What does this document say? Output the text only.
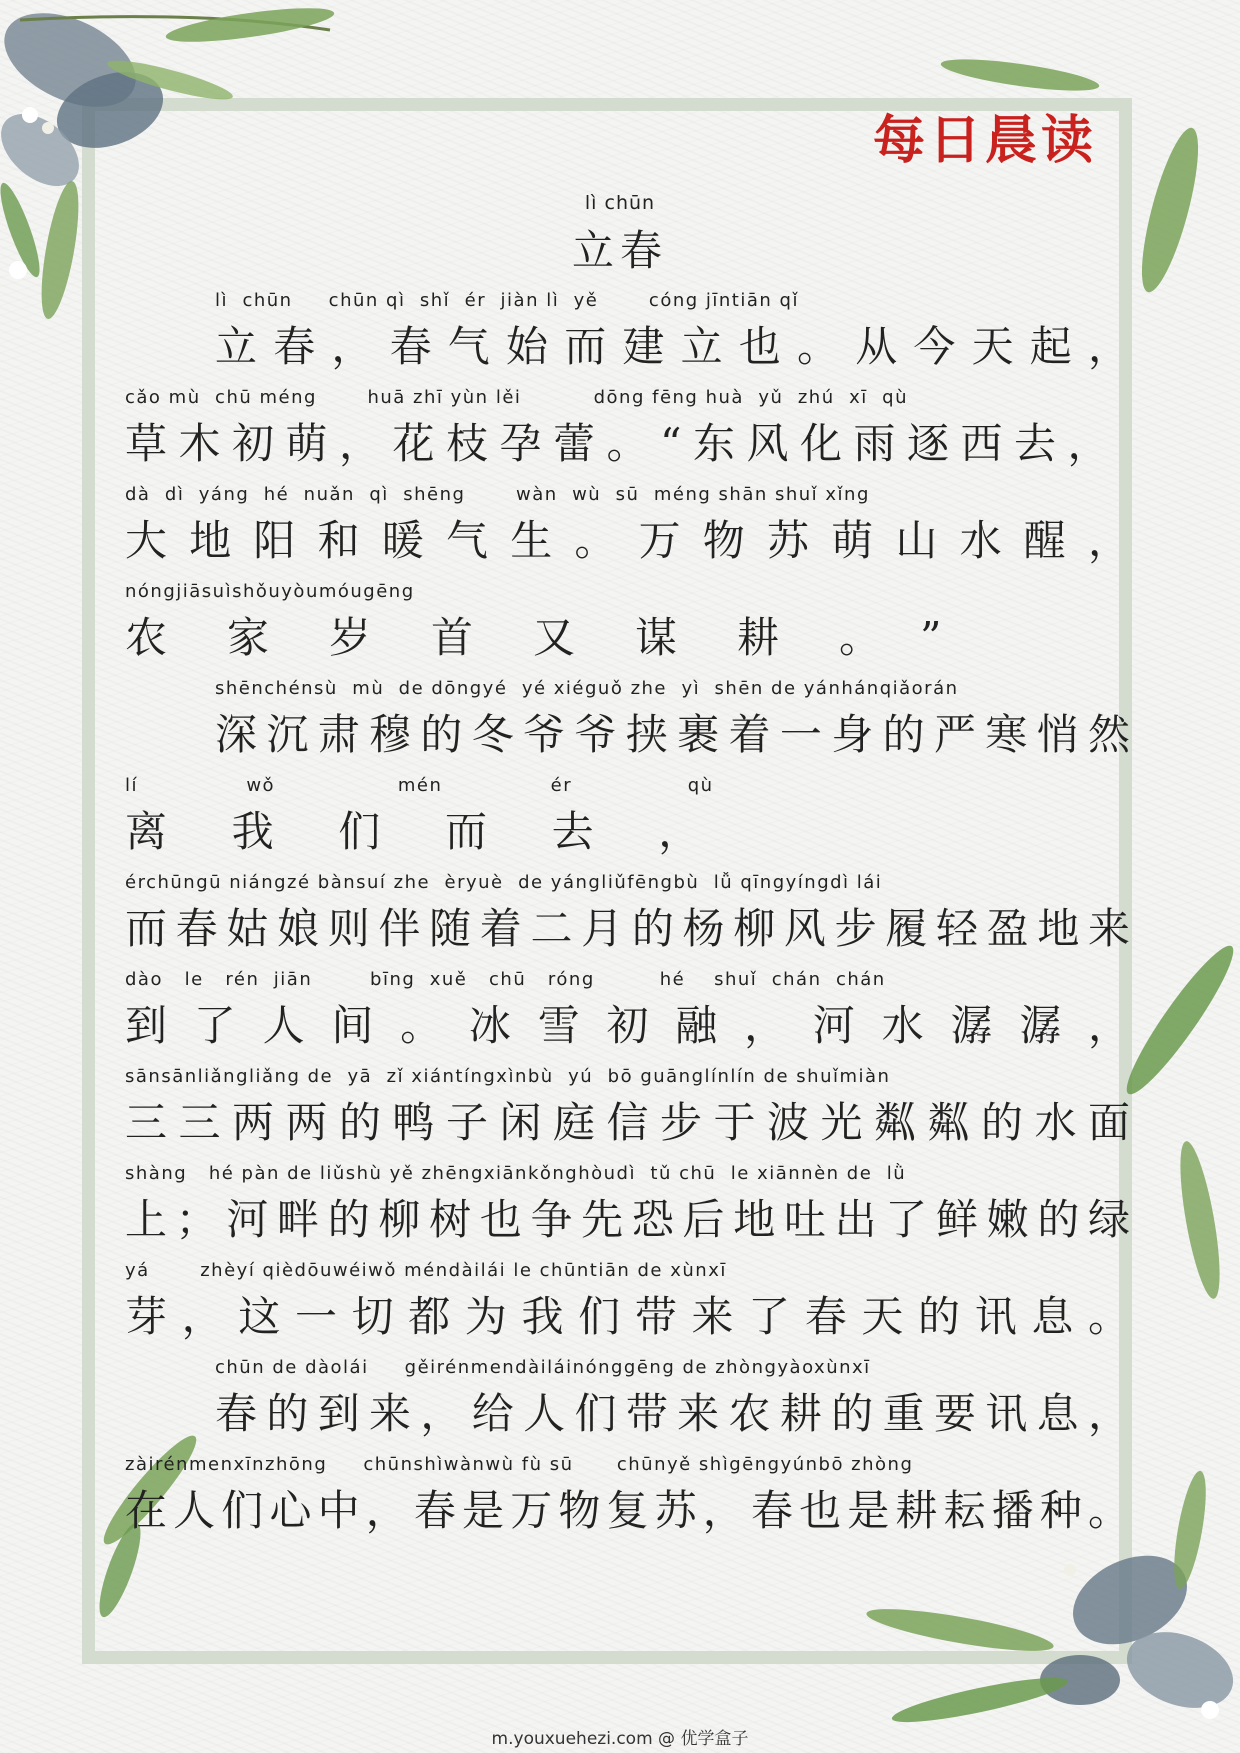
每日晨读
lì chūn
立春
lì  chūn     chūn qì  shǐ  ér  jiàn lì  yě       cóng jīntiān qǐ
立春，春气始而建立也。从今天起，
cǎo mù  chū méng       huā zhī yùn lěi          dōng fēng huà  yǔ  zhú  xī  qù
草木初萌，花枝孕蕾。“东风化雨逐西去，
dà  dì  yáng  hé  nuǎn  qì  shēng       wàn  wù  sū  méng shān shuǐ xǐng
大地阳和暖气生。万物苏萌山水醒，
nóngjiāsuìshǒuyòumóugēng
农家岁首又谋耕。”
shēnchénsù  mù  de dōngyé  yé xiéguǒ zhe  yì  shēn de yánhánqiǎorán
深沉肃穆的冬爷爷挟裹着一身的严寒悄然
lí               wǒ                 mén               ér                qù
离   我   们   而   去   ，
érchūngū niángzé bànsuí zhe  èryuè  de yángliǔfēngbù  lǚ qīngyíngdì lái
而春姑娘则伴随着二月的杨柳风步履轻盈地来
dào   le   rén  jiān        bīng  xuě   chū   róng         hé    shuǐ  chán  chán
到了人间。冰雪初融，河水潺潺，
sānsānliǎngliǎng de  yā  zǐ xiántíngxìnbù  yú  bō guānglínlín de shuǐmiàn
三三两两的鸭子闲庭信步于波光粼粼的水面
shàng   hé pàn de liǔshù yě zhēngxiānkǒnghòudì  tǔ chū  le xiānnèn de  lǜ
上；河畔的柳树也争先恐后地吐出了鲜嫩的绿
yá       zhèyí qièdōuwéiwǒ méndàilái le chūntiān de xùnxī
芽，这一切都为我们带来了春天的讯息。
chūn de dàolái     gěirénmendàiláinónggēng de zhòngyàoxùnxī
春的到来，给人们带来农耕的重要讯息，
zàirénmenxīnzhōng     chūnshìwànwù fù sū      chūnyě shìgēngyúnbō zhòng
在人们心中，春是万物复苏，春也是耕耘播种。
m.youxuehezi.com @ 优学盒子
